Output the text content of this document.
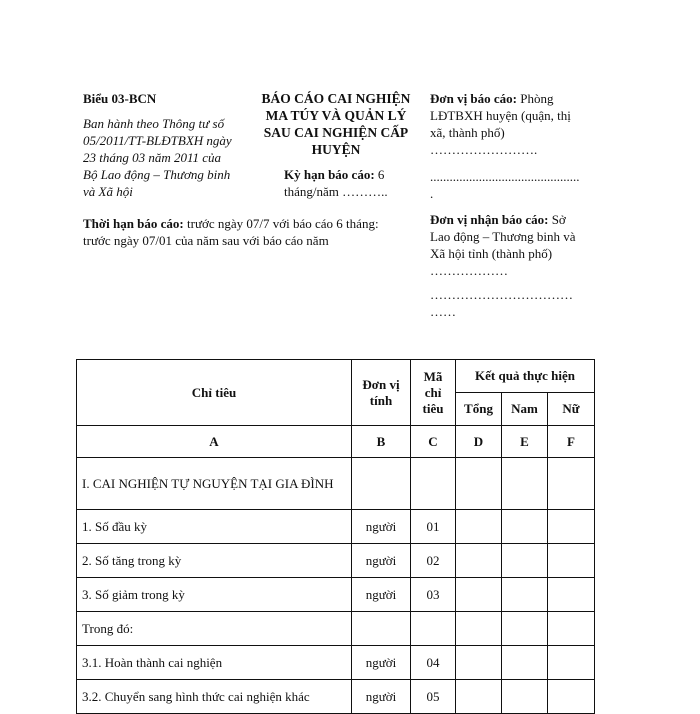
Biểu 03-BCN
Ban hành theo Thông tư số
05/2011/TT-BLĐTBXH ngày
23 tháng 03 năm 2011 của
Bộ Lao động – Thương binh
và Xã hội
BÁO CÁO CAI NGHIỆN
MA TÚY VÀ QUẢN LÝ
SAU CAI NGHIỆN CẤP
HUYỆN
Kỳ hạn báo cáo: 6
tháng/năm ………..
Đơn vị báo cáo: Phòng
LĐTBXH huyện (quận, thị
xã, thành phố)
…………………….
..............................................
.
Đơn vị nhận báo cáo: Sở
Lao động – Thương binh và
Xã hội tỉnh (thành phố)
………………
……………………………
……
Thời hạn báo cáo: trước ngày 07/7 với báo cáo 6 tháng:
trước ngày 07/01 của năm sau với báo cáo năm
Chỉ tiêu	Đơn vị tính	Mã chỉ tiêu	Kết quả thực hiện		
			Tổng	Nam	Nữ
A	B	C	D	E	F
I. CAI NGHIỆN TỰ NGUYỆN TẠI GIA ĐÌNH					
1. Số đầu kỳ	người	01			
2. Số tăng trong kỳ	người	02			
3. Số giảm trong kỳ	người	03			
Trong đó:					
3.1. Hoàn thành cai nghiện	người	04			
3.2. Chuyển sang hình thức cai nghiện khác	người	05			
